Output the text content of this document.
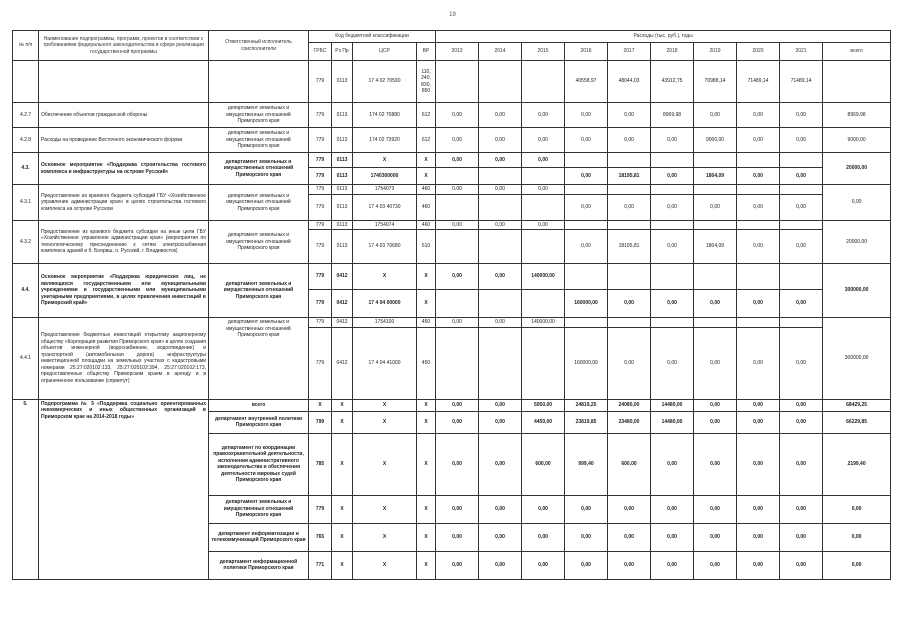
19
№ п/п	Наименование подпрограммы, программ, проектов в соответствии с требованиями федерального законодательства в сфере реализации государственной программы	Ответственный исполнитель соисполнители	Код бюджетной классификации				Расходы (тыс. руб.), годы									
			ГРБС	Рз Пр	ЦСР	ВР	2013	2014	2015	2016	2017	2018	2019	2020	2021	всего
			779	0113	17 4 02 70590	110, 240, 830, 850				40558,97	48044,03	43912,75	70988,14	71489,14	71489,14	
4.2.7	Обеспечение объектов гражданской обороны	департамент земельных и имущественных отношений Приморского края	779	0113	174 02 70880	612	0,00	0,00	0,00	0,00	0,00	8969,98	0,00	0,00	0,00	8969,98
4.2.8	Расходы на проведение Восточного экономического форума	департамент земельных и имущественных отношений Приморского края	779	0113	174 02 73920	612	0,00	0,00	0,00	0,00	0,00	0,00	9000,00	0,00	0,00	9000,00
4.3.	Основное мероприятие «Поддержка строительства гостевого комплекса и инфраструктуры на острове Русский»	департамент земельных и имущественных отношений Приморского края	779	0113	X	X	0,00	0,00	0,00							20000,00
			779	0113	1740300000	X				0,00	18195,81	0,00	1804,09	0,00	0,00	
4.3.1	Предоставление из краевого бюджета субсидий ГБУ «Хозяйственное управление администрации края» в целях строительства гостевого комплекса на острове Русском	департамент земельных и имущественных отношений Приморского края	779	0113	1754073	460	0,00	0,00	0,00							0,00
			779	0113	17 4 03 40730	460				0,00	0,00	0,00	0,00	0,00	0,00	
4.3.2	Предоставление из краевого бюджета субсидии на иные цели ГБУ «Хозяйственное управление администрации края» (мероприятия по технологическому присоединению к сетям электроснабжения комплекса зданий в б. Бояриш, о. Русский, г. Владивосток)	департамент земельных и имущественных отношений Приморского края	779	0113	1754074	460	0,00	0,00	0,00							20000,00
			779	0113	17 4 03 70680	610				0,00	18195,81	0,00	1804,09	0,00	0,00	
4.4.	Основное мероприятие «Поддержка юридических лиц, не являющихся государственными или муниципальными учреждениями и государственными или муниципальными унитарными предприятиями, в целях привлечения инвестиций в Приморский край»	департамент земельных и имущественных отношений Приморского края	779	0412	X	X	0,00	0,00	140000,00							300000,00
			779	0412	17 4 04 00000	X				160000,00	0,00	0,00	0,00	0,00	0,00	
4.4.1	Предоставление бюджетных инвестиций открытому акционерному обществу «Корпорация развития Приморского края» в целях создания объектов инженерной (водоснабжение, водоотведение) и транспортной (автомобильная дорога) инфраструктуры инвестиционной площадки на земельных участках с кадастровыми номерами 25:27:020102:133, 25:27:020102:394, 25:27:020102:173, предоставленных обществу Приморским краем в аренду и в ограниченное пользование (сервитут)	департамент земельных и имущественных отношений Приморского края	779	0412	1754100	450	0,00	0,00	140000,00							300000,00
			779	0412	17 4 04 41000	450				160000,00	0,00	0,00	0,00	0,00	0,00	
5.	Подпрограмма № 5 «Поддержка социально ориентированных некоммерческих и иных общественных организаций в Приморском крае на 2014-2018 годы»	всего	X	X	X	X	0,00	0,00	5050,00	24819,25	24080,00	14480,00	0,00	0,00	0,00	68429,25
		департамент внутренней политики Приморского края	799	X	X	X	0,00	0,00	4450,00	23819,85	23480,00	14480,00	0,00	0,00	0,00	66229,85
		департамент по координации правоохранительной деятельности, исполнения административного законодательства и обеспечения деятельности мировых судей Приморского края	785	X	X	X	0,00	0,00	600,00	999,40	600,00	0,00	0,00	0,00	0,00	2199,40
		департамент земельных и имущественных отношений Приморского края	779	X	X	X	0,00	0,00	0,00	0,00	0,00	0,00	0,00	0,00	0,00	0,00
		департамент информатизации и телекоммуникаций Приморского края	765	X	X	X	0,00	0,00	0,00	0,00	0,00	0,00	0,00	0,00	0,00	0,00
		департамент информационной политики Приморского края	771	X	X	X	0,00	0,00	0,00	0,00	0,00	0,00	0,00	0,00	0,00	0,00
